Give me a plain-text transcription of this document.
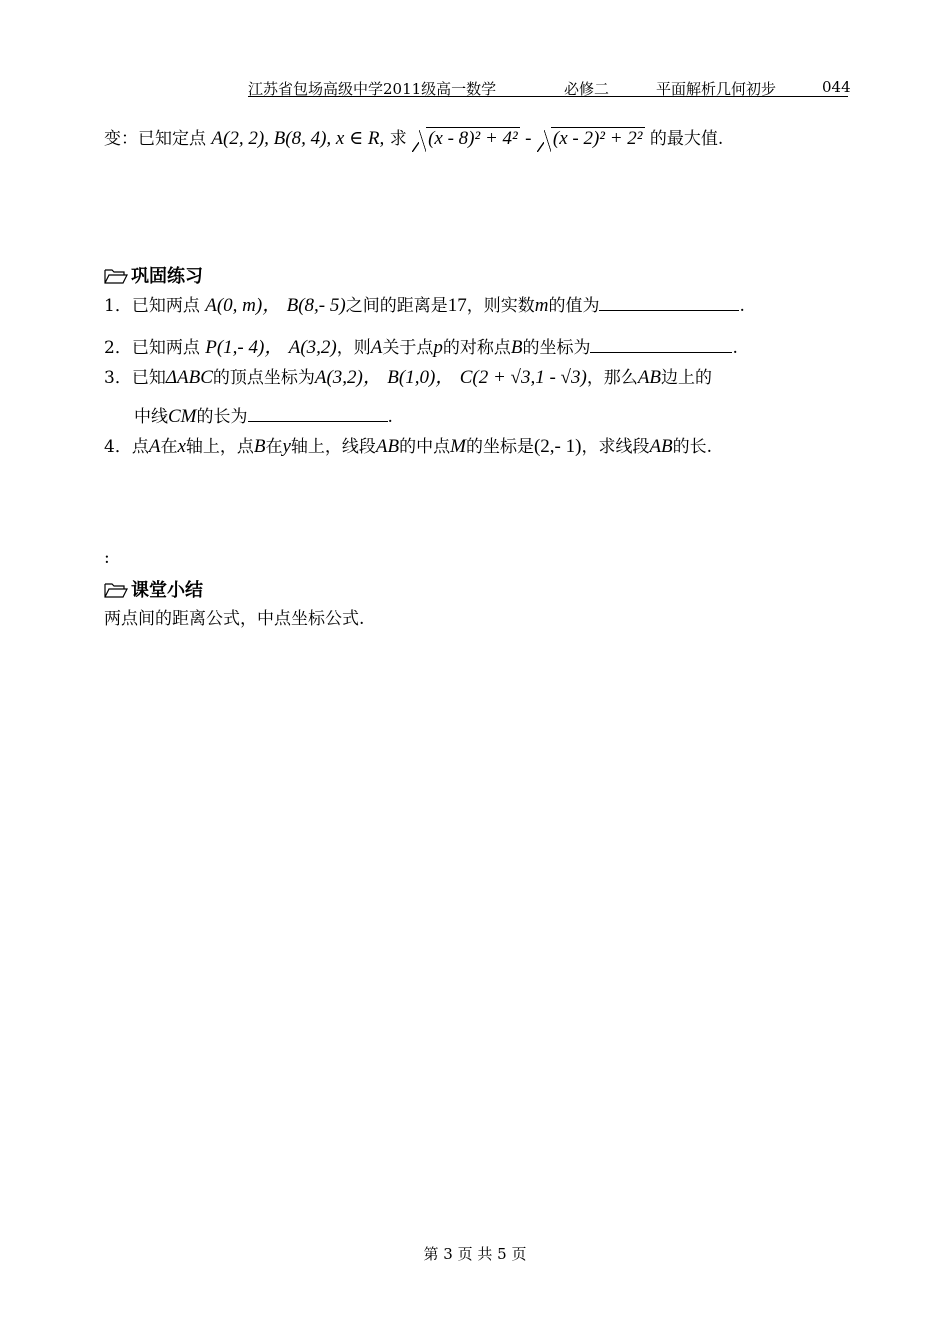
江苏省包场高级中学2011级高一数学	必修二	平面解析几何初步	044
变：已知定点 A(2, 2), B(8, 4), x ∈ R, 求 (x - 8)² + 4² - (x - 2)² + 2² 的最大值.
巩固练习
1．已知两点 A(0, m)， B(8,- 5)之间的距离是17，则实数m的值为	.
2．已知两点 P(1,- 4)， A(3,2)，则A关于点p的对称点B的坐标为	.
3．已知ΔABC的顶点坐标为A(3,2)， B(1,0)， C(2 + √3,1 - √3)，那么AB边上的
中线CM的长为	.
4．点A在x轴上，点B在y轴上，线段AB的中点M的坐标是(2,- 1)，求线段AB的长.
:
课堂小结
两点间的距离公式，中点坐标公式.
第 3 页 共 5 页
